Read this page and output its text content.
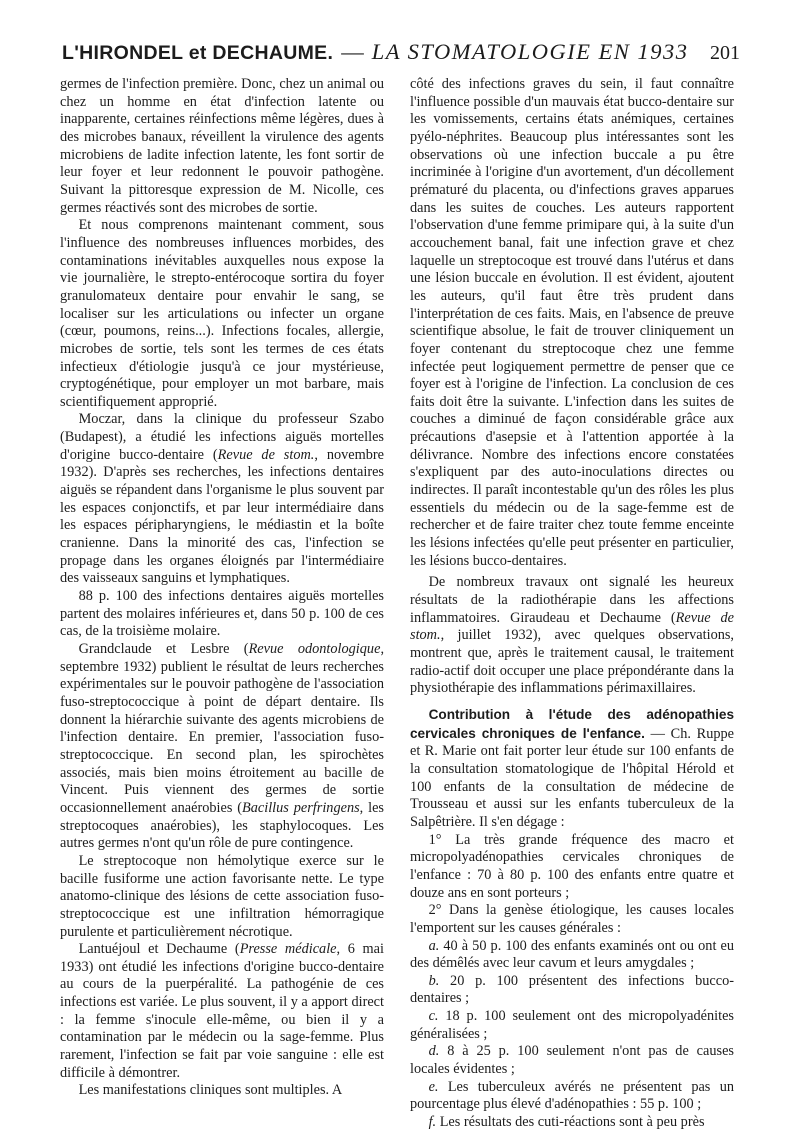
L'HIRONDEL et DECHAUME. — LA STOMATOLOGIE EN 1933 201

germes de l'infection première. Donc, chez un animal ou chez un homme en état d'infection latente ou inapparente, certaines réinfections même légères, dues à des microbes banaux, réveillent la virulence des agents microbiens de ladite infection latente, les font sortir de leur foyer et leur redonnent le pouvoir pathogène. Suivant la pittoresque expression de M. Nicolle, ces germes réactivés sont des microbes de sortie.

Et nous comprenons maintenant comment, sous l'influence des nombreuses influences morbides, des contaminations inévitables auxquelles nous expose la vie journalière, le strepto-entérocoque sortira du foyer granulomateux dentaire pour envahir le sang, se localiser sur les articulations ou infecter un organe (cœur, poumons, reins...). Infections focales, allergie, microbes de sortie, tels sont les termes de ces états infectieux d'étiologie jusqu'à ce jour mystérieuse, cryptogénétique, pour employer un mot barbare, mais scientifiquement approprié.

Moczar, dans la clinique du professeur Szabo (Budapest), a étudié les infections aiguës mortelles d'origine bucco-dentaire (Revue de stom., novembre 1932). D'après ses recherches, les infections dentaires aiguës se répandent dans l'organisme le plus souvent par les espaces conjonctifs, et par leur intermédiaire dans les espaces péripharyngiens, le médiastin et la boîte cranienne. Dans la minorité des cas, l'infection se propage dans les organes éloignés par l'intermédiaire des vaisseaux sanguins et lymphatiques.

88 p. 100 des infections dentaires aiguës mortelles partent des molaires inférieures et, dans 50 p. 100 de ces cas, de la troisième molaire.

Grandclaude et Lesbre (Revue odontologique, septembre 1932) publient le résultat de leurs recherches expérimentales sur le pouvoir pathogène de l'association fuso-streptococcique à point de départ dentaire. Ils donnent la hiérarchie suivante des agents microbiens de l'infection dentaire. En premier, l'association fuso-streptococcique. En second plan, les spirochètes associés, mais bien moins étroitement au bacille de Vincent. Puis viennent des germes de sortie occasionnellement anaérobies (Bacillus perfringens, les streptocoques anaérobies), les staphylocoques. Les autres germes n'ont qu'un rôle de pure contingence.

Le streptocoque non hémolytique exerce sur le bacille fusiforme une action favorisante nette. Le type anatomo-clinique des lésions de cette association fuso-streptococcique est une infiltration hémorragique purulente et particulièrement nécrotique.

Lantuéjoul et Dechaume (Presse médicale, 6 mai 1933) ont étudié les infections d'origine bucco-dentaire au cours de la puerpéralité. La pathogénie de ces infections est variée. Le plus souvent, il y a apport direct : la femme s'inocule elle-même, ou bien il y a contamination par le médecin ou la sage-femme. Plus rarement, l'infection se fait par voie sanguine : elle est difficile à démontrer.

Les manifestations cliniques sont multiples. A

côté des infections graves du sein, il faut connaître l'influence possible d'un mauvais état bucco-dentaire sur les vomissements, certains états anémiques, certaines pyélo-néphrites. Beaucoup plus intéressantes sont les observations où une infection buccale a pu être incriminée à l'origine d'un avortement, d'un décollement prématuré du placenta, ou d'infections graves apparues dans les suites de couches. Les auteurs rapportent l'observation d'une femme primipare qui, à la suite d'un accouchement banal, fait une infection grave et chez laquelle un streptocoque est trouvé dans l'utérus et dans une lésion buccale en évolution. Il est évident, ajoutent les auteurs, qu'il faut être très prudent dans l'interprétation de ces faits. Mais, en l'absence de preuve scientifique absolue, le fait de trouver cliniquement un foyer contenant du streptocoque chez une femme infectée peut logiquement permettre de penser que ce foyer est à l'origine de l'infection. La conclusion de ces faits doit être la suivante. L'infection dans les suites de couches a diminué de façon considérable grâce aux précautions d'asepsie et à l'attention apportée à la délivrance. Nombre des infections encore constatées s'expliquent par des auto-inoculations directes ou indirectes. Il paraît incontestable qu'un des rôles les plus essentiels du médecin ou de la sage-femme est de rechercher et de faire traiter chez toute femme enceinte les lésions infectées qu'elle peut présenter en particulier, les lésions bucco-dentaires.

De nombreux travaux ont signalé les heureux résultats de la radiothérapie dans les affections inflammatoires. Giraudeau et Dechaume (Revue de stom., juillet 1932), avec quelques observations, montrent que, après le traitement causal, le traitement radio-actif doit occuper une place prépondérante dans la physiothérapie des inflammations périmaxillaires.

Contribution à l'étude des adénopathies cervicales chroniques de l'enfance. — Ch. Ruppe et R. Marie ont fait porter leur étude sur 100 enfants de la consultation stomatologique de l'hôpital Hérold et 100 enfants de la consultation de médecine de Trousseau et aussi sur les enfants tuberculeux de la Salpêtrière. Il s'en dégage :

1° La très grande fréquence des macro et micropolyadénopathies cervicales chroniques de l'enfance : 70 à 80 p. 100 des enfants entre quatre et douze ans en sont porteurs ;

2° Dans la genèse étiologique, les causes locales l'emportent sur les causes générales :

a. 40 à 50 p. 100 des enfants examinés ont ou ont eu des démêlés avec leur cavum et leurs amygdales ;

b. 20 p. 100 présentent des infections bucco-dentaires ;

c. 18 p. 100 seulement ont des micropolyadénites généralisées ;

d. 8 à 25 p. 100 seulement n'ont pas de causes locales évidentes ;

e. Les tuberculeux avérés ne présentent pas un pourcentage plus élevé d'adénopathies : 55 p. 100 ;

f. Les résultats des cuti-réactions sont à peu près
